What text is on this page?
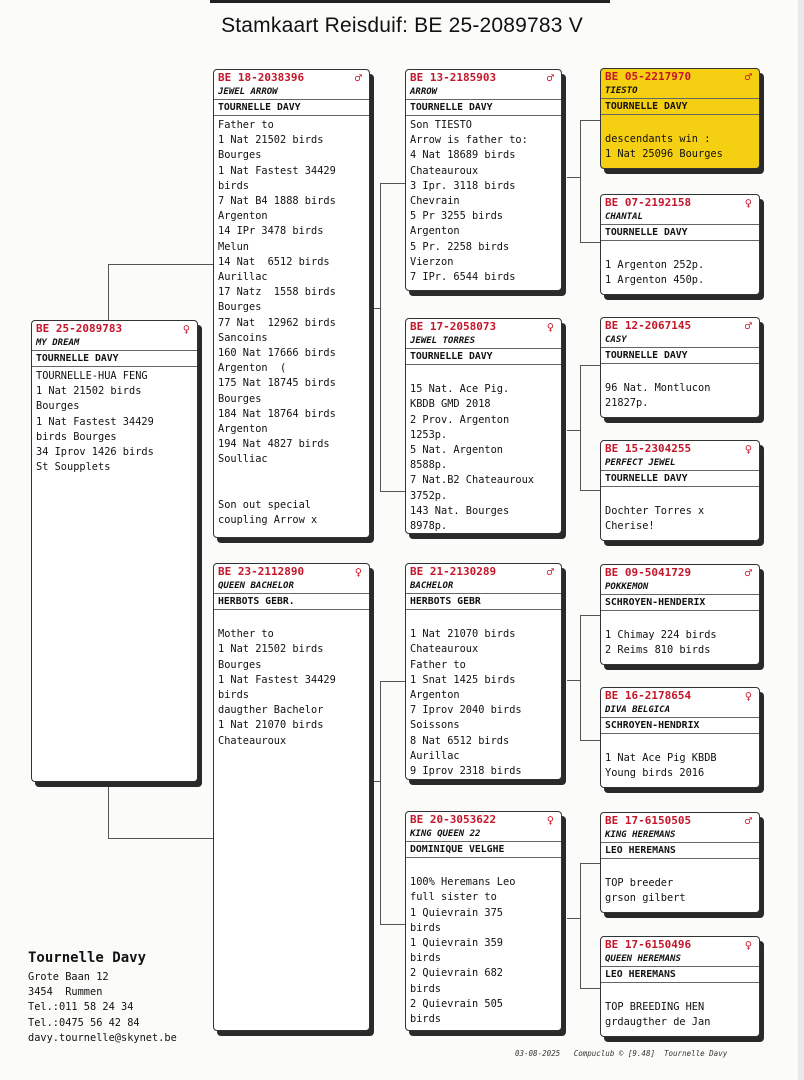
Stamkaart Reisduif: BE 25-2089783 V
BE 25-2089783	♀
MY DREAM
TOURNELLE DAVY
TOURNELLE-HUA FENG
1 Nat 21502 birds
Bourges
1 Nat Fastest 34429
birds Bourges
34 Iprov 1426 birds
St Soupplets
BE 18-2038396	♂
JEWEL ARROW
TOURNELLE DAVY
Father to
1 Nat 21502 birds
Bourges
1 Nat Fastest 34429
birds
7 Nat B4 1888 birds
Argenton
14 IPr 3478 birds
Melun
14 Nat  6512 birds
Aurillac
17 Natz  1558 birds
Bourges
77 Nat  12962 birds
Sancoins
160 Nat 17666 birds
Argenton  (
175 Nat 18745 birds
Bourges
184 Nat 18764 birds
Argenton
194 Nat 4827 birds
Soulliac

Son out special
coupling Arrow x
BE 23-2112890	♀
QUEEN BACHELOR
HERBOTS GEBR.

Mother to
1 Nat 21502 birds
Bourges
1 Nat Fastest 34429
birds
daugther Bachelor
1 Nat 21070 birds
Chateauroux
BE 13-2185903	♂
ARROW
TOURNELLE DAVY
Son TIESTO
Arrow is father to:
4 Nat 18689 birds
Chateauroux
3 Ipr. 3118 birds
Chevrain
5 Pr 3255 birds
Argenton
5 Pr. 2258 birds
Vierzon
7 IPr. 6544 birds
BE 17-2058073	♀
JEWEL TORRES
TOURNELLE DAVY

15 Nat. Ace Pig.
KBDB GMD 2018
2 Prov. Argenton
1253p.
5 Nat. Argenton
8588p.
7 Nat.B2 Chateauroux
3752p.
143 Nat. Bourges
8978p.
BE 21-2130289	♂
BACHELOR
HERBOTS GEBR

1 Nat 21070 birds
Chateauroux
Father to
1 Snat 1425 birds
Argenton
7 Iprov 2040 birds
Soissons
8 Nat 6512 birds
Aurillac
9 Iprov 2318 birds
BE 20-3053622	♀
KING QUEEN 22
DOMINIQUE VELGHE

100% Heremans Leo
full sister to
1 Quievrain 375
birds
1 Quievrain 359
birds
2 Quievrain 682
birds
2 Quievrain 505
birds
BE 05-2217970	♂
TIESTO
TOURNELLE DAVY

descendants win :
1 Nat 25096 Bourges
BE 07-2192158	♀
CHANTAL
TOURNELLE DAVY

1 Argenton 252p.
1 Argenton 450p.
BE 12-2067145	♂
CASY
TOURNELLE DAVY

96 Nat. Montlucon
21827p.
BE 15-2304255	♀
PERFECT JEWEL
TOURNELLE DAVY

Dochter Torres x
Cherise!
BE 09-5041729	♂
POKKEMON
SCHROYEN-HENDERIX

1 Chimay 224 birds
2 Reims 810 birds
BE 16-2178654	♀
DIVA BELGICA
SCHROYEN-HENDRIX

1 Nat Ace Pig KBDB
Young birds 2016
BE 17-6150505	♂
KING HEREMANS
LEO HEREMANS

TOP breeder
grson gilbert
BE 17-6150496	♀
QUEEN HEREMANS
LEO HEREMANS

TOP BREEDING HEN
grdaugther de Jan
Tournelle Davy
Grote Baan 12
3454  Rummen
Tel.:011 58 24 34
Tel.:0475 56 42 84
davy.tournelle@skynet.be
03-08-2025   Compuclub © [9.48]  Tournelle Davy
